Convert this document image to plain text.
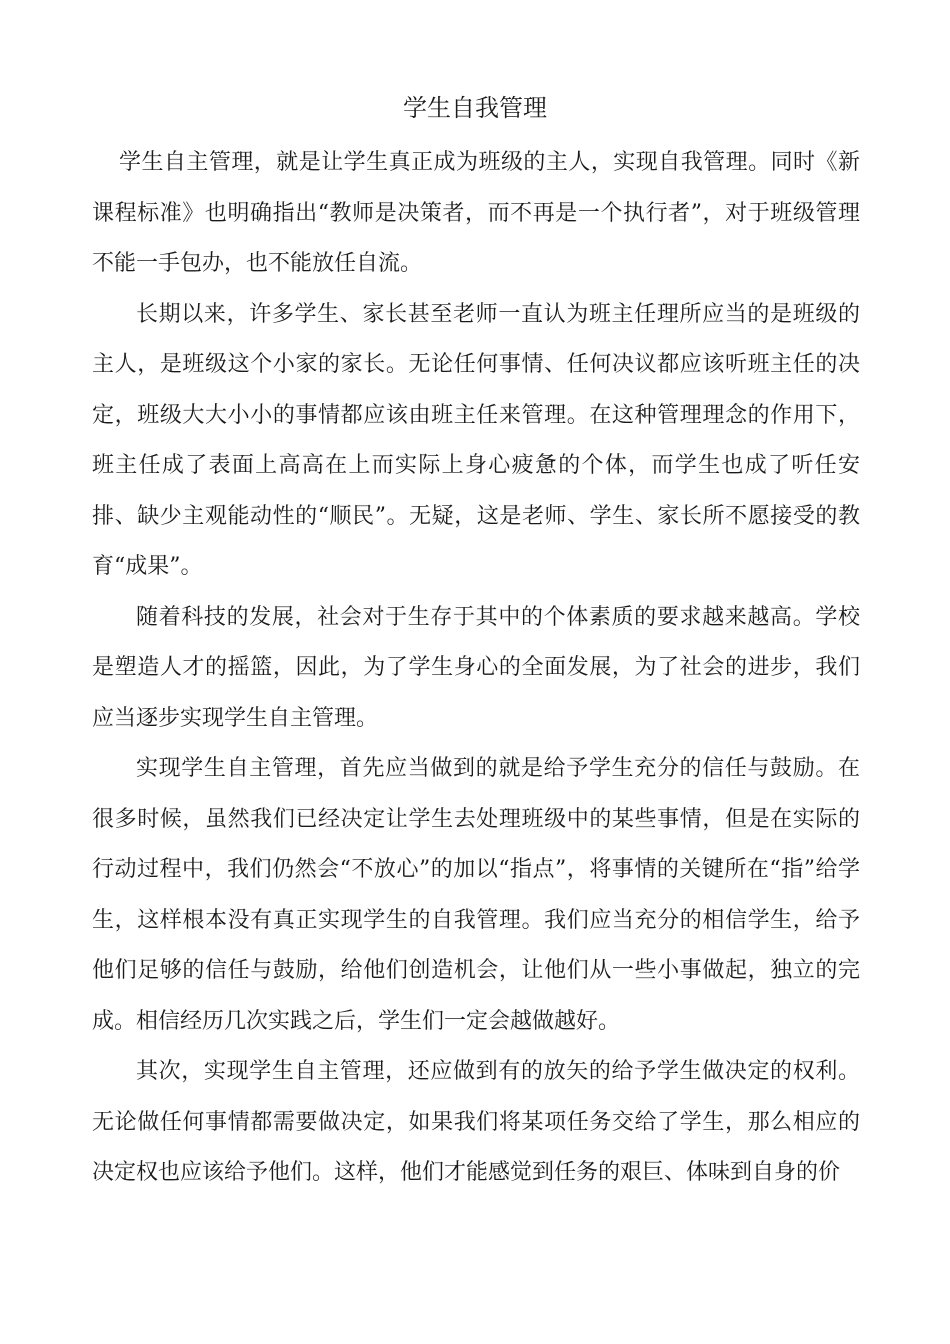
学生自我管理

学生自主管理，就是让学生真正成为班级的主人，实现自我管理。同时《新课程标准》也明确指出“教师是决策者，而不再是一个执行者”，对于班级管理不能一手包办，也不能放任自流。

长期以来，许多学生、家长甚至老师一直认为班主任理所应当的是班级的主人，是班级这个小家的家长。无论任何事情、任何决议都应该听班主任的决定，班级大大小小的事情都应该由班主任来管理。在这种管理理念的作用下，班主任成了表面上高高在上而实际上身心疲惫的个体，而学生也成了听任安排、缺少主观能动性的“顺民”。无疑，这是老师、学生、家长所不愿接受的教育“成果”。

随着科技的发展，社会对于生存于其中的个体素质的要求越来越高。学校是塑造人才的摇篮，因此，为了学生身心的全面发展，为了社会的进步，我们应当逐步实现学生自主管理。

实现学生自主管理，首先应当做到的就是给予学生充分的信任与鼓励。在很多时候，虽然我们已经决定让学生去处理班级中的某些事情，但是在实际的行动过程中，我们仍然会“不放心”的加以“指点”，将事情的关键所在“指”给学生，这样根本没有真正实现学生的自我管理。我们应当充分的相信学生，给予他们足够的信任与鼓励，给他们创造机会，让他们从一些小事做起，独立的完成。相信经历几次实践之后，学生们一定会越做越好。

其次，实现学生自主管理，还应做到有的放矢的给予学生做决定的权利。无论做任何事情都需要做决定，如果我们将某项任务交给了学生，那么相应的决定权也应该给予他们。这样，他们才能感觉到任务的艰巨、体味到自身的价
